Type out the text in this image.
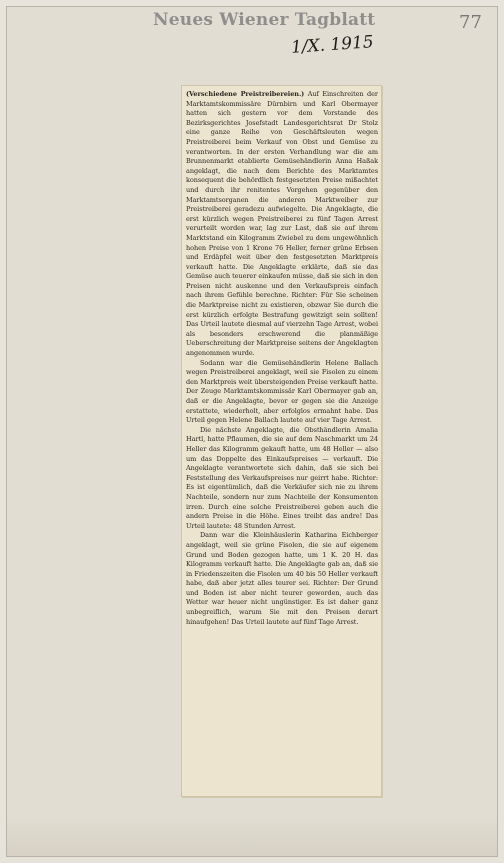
Neues Wiener Tagblatt	77
1/X. 1915

(Verschiedene Preistreibereien.) Auf Einschreiten der Marktamtskommissäre Dürnbirn und Karl Obermayer hatten sich gestern vor dem Vorstande des Bezirksgerichtes Josefstadt Landesgerichtsrat Dr Stolz eine ganze Reihe von Geschäftsleuten wegen Preistreiberei beim Verkauf von Obst und Gemüse zu verantworten. In der ersten Verhandlung war die am Brunnenmarkt etablierte Gemüsehändlerin Anna Haßak angeklagt, die nach dem Berichte des Marktamtes konsequent die behördlich festgesetzten Preise mißachtet und durch ihr renitentes Vorgehen gegenüber den Marktamtsorganen die anderen Marktweiber zur Preistreiberei geradezu aufwiegelte. Die Angeklagte, die erst kürzlich wegen Preistreiberei zu fünf Tagen Arrest verurteilt worden war, lag zur Last, daß sie auf ihrem Marktstand ein Kilogramm Zwiebel zu dem ungewöhnlich hohen Preise von 1 Krone 76 Heller, ferner grüne Erbsen und Erdäpfel weit über den festgesetzten Marktpreis verkauft hatte. Die Angeklagte erklärte, daß sie das Gemüse auch teuerer einkaufen müsse, daß sie sich in den Preisen nicht auskenne und den Verkaufspreis einfach nach ihrem Gefühle berechne. Richter: Für Sie scheinen die Marktpreise nicht zu existieren, obzwar Sie durch die erst kürzlich erfolgte Bestrafung gewitzigt sein sollten! Das Urteil lautete diesmal auf vierzehn Tage Arrest, wobei als besonders erschwerend die planmäßige Ueberschreitung der Marktpreise seitens der Angeklagten angenommen wurde.

Sodann war die Gemüsehändlerin Helene Ballach wegen Preistreiberei angeklagt, weil sie Fisolen zu einem den Marktpreis weit übersteigenden Preise verkauft hatte. Der Zeuge Marktamtskommissär Karl Obermayer gab an, daß er die Angeklagte, bevor er gegen sie die Anzeige erstattete, wiederholt, aber erfolglos ermahnt habe. Das Urteil gegen Helene Ballach lautete auf vier Tage Arrest.

Die nächste Angeklagte, die Obsthändlerin Amalia Hartl, hatte Pflaumen, die sie auf dem Naschmarkt um 24 Heller das Kilogramm gekauft hatte, um 48 Heller — also um das Doppelte des Einkaufspreises — verkauft. Die Angeklagte verantwortete sich dahin, daß sie sich bei Feststellung des Verkaufspreises nur geirrt habe. Richter: Es ist eigentümlich, daß die Verkäufer sich nie zu ihrem Nachteile, sondern nur zum Nachteile der Konsumenten irren. Durch eine solche Preistreiberei geben auch die andern Preise in die Höhe. Eines treibt das andre! Das Urteil lautete: 48 Stunden Arrest.

Dann war die Kleinhäuslerin Katharina Eichberger angeklagt, weil sie grüne Fisolen, die sie auf eigenem Grund und Boden gezogen hatte, um 1 K. 20 H. das Kilogramm verkauft hatte. Die Angeklagte gab an, daß sie in Friedenszeiten die Fisolen um 40 bis 50 Heller verkauft habe, daß aber jetzt alles teurer sei. Richter: Der Grund und Boden ist aber nicht teurer geworden, auch das Wetter war heuer nicht ungünstiger. Es ist daher ganz unbegreiflich, warum Sie mit den Preisen derart hinaufgehen! Das Urteil lautete auf fünf Tage Arrest.
